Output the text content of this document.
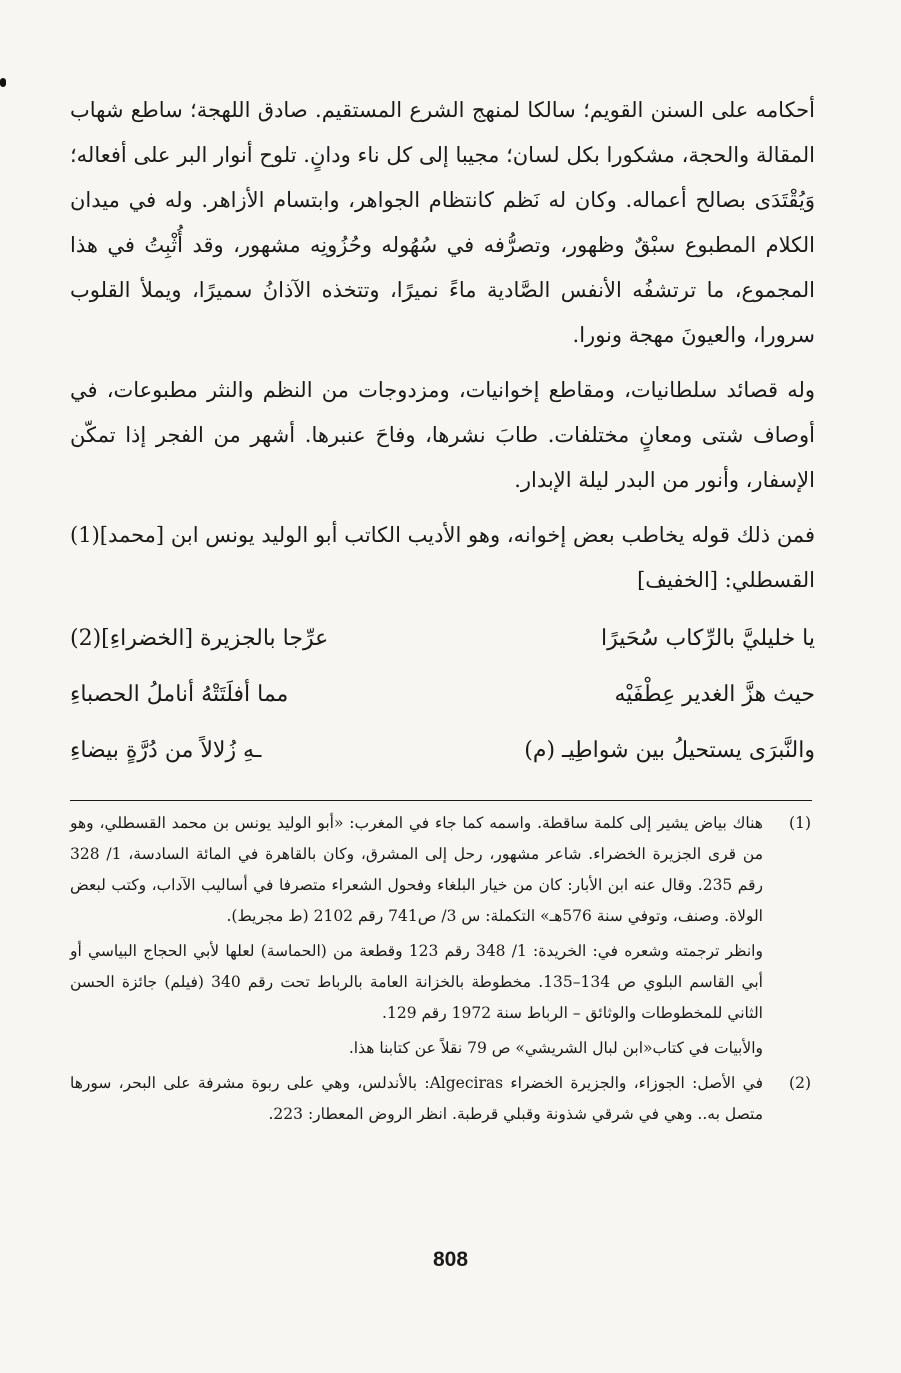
أحكامه على السنن القويم؛ سالكا لمنهج الشرع المستقيم. صادق اللهجة؛ ساطع شهاب المقالة والحجة، مشكورا بكل لسان؛ مجيبا إلى كل ناء ودانٍ. تلوح أنوار البر على أفعاله؛ وَيُقْتَدَى بصالح أعماله. وكان له نَظم كانتظام الجواهر، وابتسام الأزاهر. وله في ميدان الكلام المطبوع سبْقٌ وظهور، وتصرُّفه في سُهُوله وحُزُونِه مشهور، وقد أُثْبِتُ في هذا المجموع، ما ترتشفُه الأنفس الصَّادية ماءً نميرًا، وتتخذه الآذانُ سميرًا، ويملأ القلوب سرورا، والعيونَ مهجة ونورا.

وله قصائد سلطانيات، ومقاطع إخوانيات، ومزدوجات من النظم والنثر مطبوعات، في أوصاف شتى ومعانٍ مختلفات. طابَ نشرها، وفاحَ عنبرها. أشهر من الفجر إذا تمكّن الإسفار، وأنور من البدر ليلة الإبدار.

فمن ذلك قوله يخاطب بعض إخوانه، وهو الأديب الكاتب أبو الوليد يونس ابن [محمد](1) القسطلي: [الخفيف]

يا خليليَّ بالرِّكاب سُحَيرًا
عرِّجا بالجزيرة [الخضراءِ](2)
حيث هزَّ الغدير عِطْفَيْه
مما أفلَتَتْهُ أناملُ الحصباءِ
والنَّبرَى يستحيلُ بين شواطِيـ (م)
ـهِ زُلالاً من دُرَّةٍ بيضاءِ
(1)

هناك بياض يشير إلى كلمة ساقطة. واسمه كما جاء في المغرب: «أبو الوليد يونس بن محمد القسطلي، وهو من قرى الجزيرة الخضراء. شاعر مشهور، رحل إلى المشرق، وكان بالقاهرة في المائة السادسة، 1/ 328 رقم 235. وقال عنه ابن الأبار: كان من خيار البلغاء وفحول الشعراء متصرفا في أساليب الآداب، وكتب لبعض الولاة. وصنف، وتوفي سنة 576هـ» التكملة: س 3/ ص741 رقم 2102 (ط مجريط).

وانظر ترجمته وشعره في: الخريدة: 1/ 348 رقم 123 وقطعة من (الحماسة) لعلها لأبي الحجاج البياسي أو أبي القاسم البلوي ص 134–135. مخطوطة بالخزانة العامة بالرباط تحت رقم 340 (فيلم) جائزة الحسن الثاني للمخطوطات والوثائق – الرباط سنة 1972 رقم 129.

والأبيات في كتاب«ابن لبال الشريشي» ص 79 نقلاً عن كتابنا هذا.

(2)

في الأصل: الجوزاء، والجزيرة الخضراء Algeciras: بالأندلس، وهي على ربوة مشرفة على البحر، سورها متصل به.. وهي في شرقي شذونة وقبلي قرطبة. انظر الروض المعطار: 223.

808
